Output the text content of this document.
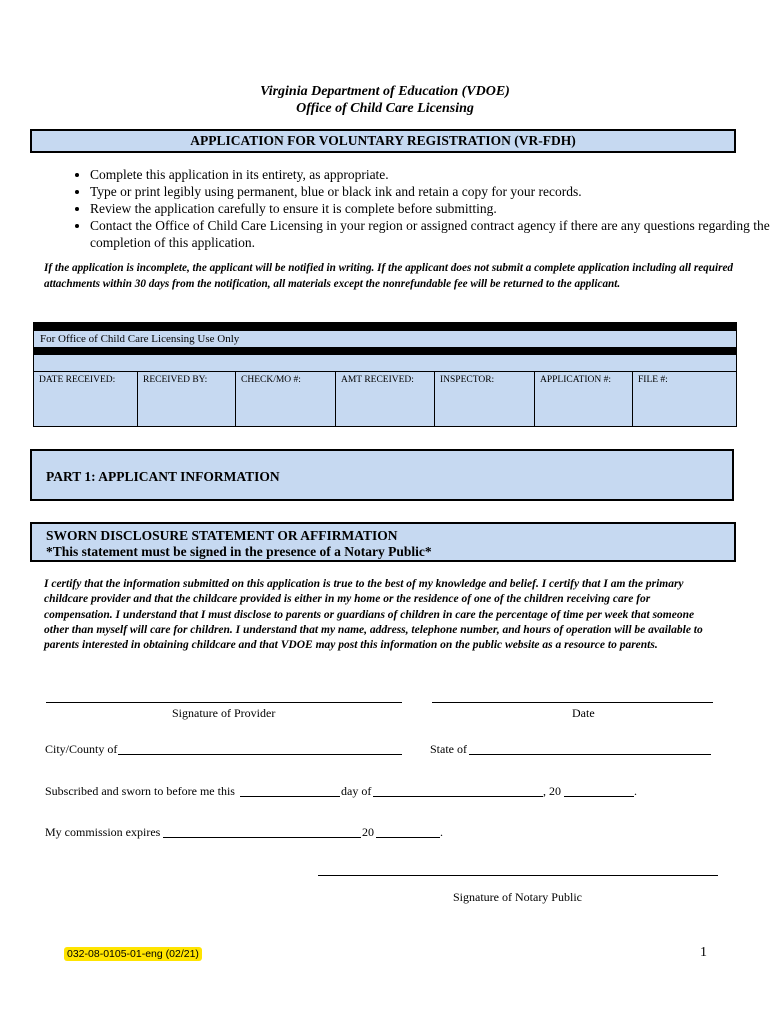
Virginia Department of Education (VDOE)
Office of Child Care Licensing
APPLICATION FOR VOLUNTARY REGISTRATION (VR-FDH)
• Complete this application in its entirety, as appropriate.
• Type or print legibly using permanent, blue or black ink and retain a copy for your records.
• Review the application carefully to ensure it is complete before submitting.
• Contact the Office of Child Care Licensing in your region or assigned contract agency if there are any questions regarding the completion of this application.
If the application is incomplete, the applicant will be notified in writing. If the applicant does not submit a complete application including all required attachments within 30 days from the notification, all materials except the nonrefundable fee will be returned to the applicant.
For Office of Child Care Licensing Use Only
DATE RECEIVED:	RECEIVED BY:	CHECK/MO #:	AMT RECEIVED:	INSPECTOR:	APPLICATION #:	FILE #:
PART 1: APPLICANT INFORMATION
SWORN DISCLOSURE STATEMENT OR AFFIRMATION
*This statement must be signed in the presence of a Notary Public*
I certify that the information submitted on this application is true to the best of my knowledge and belief. I certify that I am the primary childcare provider and that the childcare provided is either in my home or the residence of one of the children receiving care for compensation. I understand that I must disclose to parents or guardians of children in care the percentage of time per week that someone other than myself will care for children. I understand that my name, address, telephone number, and hours of operation will be available to parents interested in obtaining childcare and that VDOE may post this information on the public website as a resource to parents.
Signature of Provider	Date
City/County of	State of
Subscribed and sworn to before me this	day of	, 20	.
My commission expires	20	.
Signature of Notary Public
032-08-0105-01-eng (02/21)	1
